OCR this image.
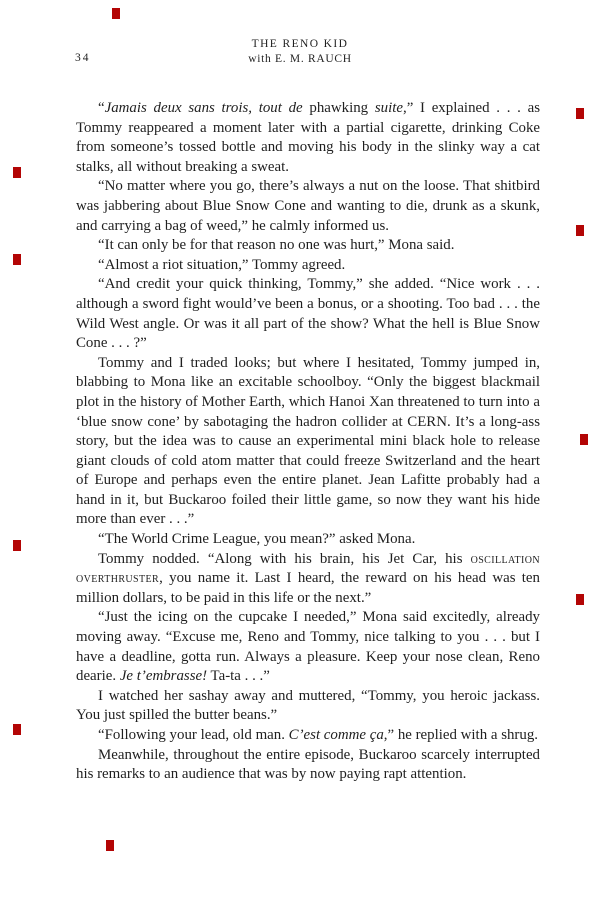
THE RENO KID
with E. M. RAUCH
34

“Jamais deux sans trois, tout de phawking suite,” I explained . . . as Tommy reappeared a moment later with a partial cigarette, drinking Coke from someone’s tossed bottle and moving his body in the slinky way a cat stalks, all without breaking a sweat.

“No matter where you go, there’s always a nut on the loose. That shitbird was jabbering about Blue Snow Cone and wanting to die, drunk as a skunk, and carrying a bag of weed,” he calmly informed us.

“It can only be for that reason no one was hurt,” Mona said.

“Almost a riot situation,” Tommy agreed.

“And credit your quick thinking, Tommy,” she added. “Nice work . . . although a sword fight would’ve been a bonus, or a shooting. Too bad . . . the Wild West angle. Or was it all part of the show? What the hell is Blue Snow Cone . . . ?”

Tommy and I traded looks; but where I hesitated, Tommy jumped in, blabbing to Mona like an excitable schoolboy. “Only the biggest blackmail plot in the history of Mother Earth, which Hanoi Xan threatened to turn into a ‘blue snow cone’ by sabotaging the hadron collider at CERN. It’s a long-ass story, but the idea was to cause an experimental mini black hole to release giant clouds of cold atom matter that could freeze Switzerland and the heart of Europe and perhaps even the entire planet. Jean Lafitte probably had a hand in it, but Buckaroo foiled their little game, so now they want his hide more than ever . . .”

“The World Crime League, you mean?” asked Mona.

Tommy nodded. “Along with his brain, his Jet Car, his oscillation overthruster, you name it. Last I heard, the reward on his head was ten million dollars, to be paid in this life or the next.”

“Just the icing on the cupcake I needed,” Mona said excitedly, already moving away. “Excuse me, Reno and Tommy, nice talking to you . . . but I have a deadline, gotta run. Always a pleasure. Keep your nose clean, Reno dearie. Je t’embrasse! Ta-ta . . .”

I watched her sashay away and muttered, “Tommy, you heroic jackass. You just spilled the butter beans.”

“Following your lead, old man. C’est comme ça,” he replied with a shrug.

Meanwhile, throughout the entire episode, Buckaroo scarcely interrupted his remarks to an audience that was by now paying rapt attention.
